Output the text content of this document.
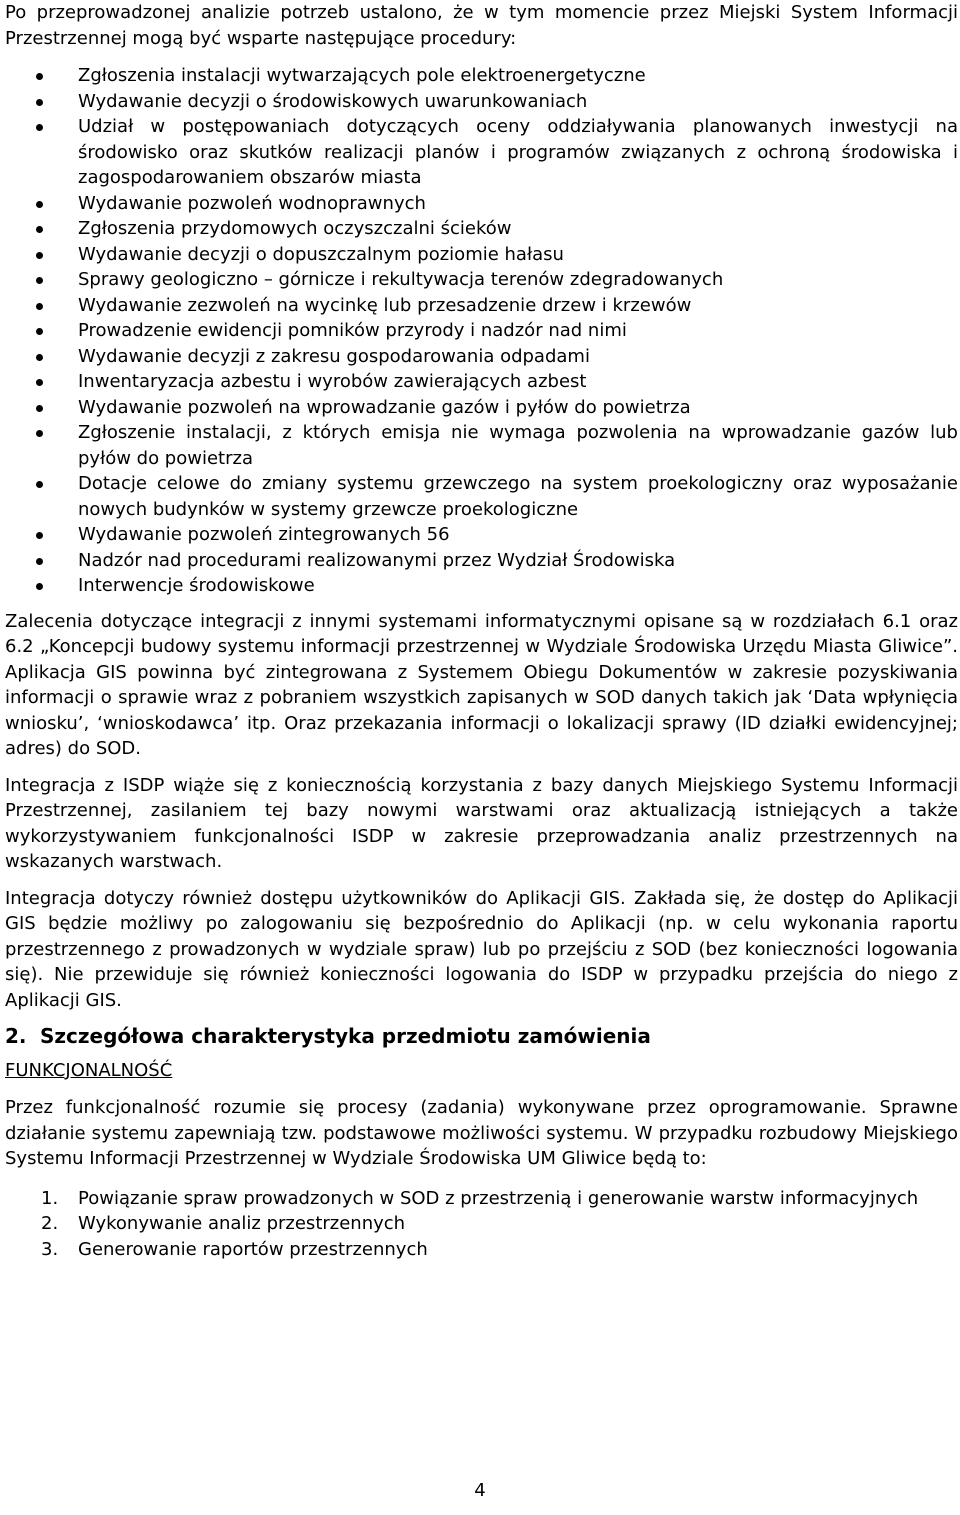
Po przeprowadzonej analizie potrzeb ustalono, że w tym momencie przez Miejski System Informacji Przestrzennej mogą być wsparte następujące procedury:

Zgłoszenia instalacji wytwarzających pole elektroenergetyczne
Wydawanie decyzji o środowiskowych uwarunkowaniach
Udział w postępowaniach dotyczących oceny oddziaływania planowanych inwestycji na środowisko oraz skutków realizacji planów i programów związanych z ochroną środowiska i zagospodarowaniem obszarów miasta
Wydawanie pozwoleń wodnoprawnych
Zgłoszenia przydomowych oczyszczalni ścieków
Wydawanie decyzji o dopuszczalnym poziomie hałasu
Sprawy geologiczno – górnicze i rekultywacja terenów zdegradowanych
Wydawanie zezwoleń na wycinkę lub przesadzenie drzew i krzewów
Prowadzenie ewidencji pomników przyrody i nadzór nad nimi
Wydawanie decyzji z zakresu gospodarowania odpadami
Inwentaryzacja azbestu i wyrobów zawierających azbest
Wydawanie pozwoleń na wprowadzanie gazów i pyłów do powietrza
Zgłoszenie instalacji, z których emisja nie wymaga pozwolenia na wprowadzanie gazów lub pyłów do powietrza
Dotacje celowe do zmiany systemu grzewczego na system proekologiczny oraz wyposażanie nowych budynków w systemy grzewcze proekologiczne
Wydawanie pozwoleń zintegrowanych 56
Nadzór nad procedurami realizowanymi przez Wydział Środowiska
Interwencje środowiskowe

Zalecenia dotyczące integracji z innymi systemami informatycznymi opisane są w rozdziałach 6.1 oraz 6.2 „Koncepcji budowy systemu informacji przestrzennej w Wydziale Środowiska Urzędu Miasta Gliwice”. Aplikacja GIS powinna być zintegrowana z Systemem Obiegu Dokumentów w zakresie pozyskiwania informacji o sprawie wraz z pobraniem wszystkich zapisanych w SOD danych takich jak ‘Data wpłynięcia wniosku’, ‘wnioskodawca’ itp. Oraz przekazania informacji o lokalizacji sprawy (ID działki ewidencyjnej; adres) do SOD.

Integracja z ISDP wiąże się z koniecznością korzystania z bazy danych Miejskiego Systemu Informacji Przestrzennej, zasilaniem tej bazy nowymi warstwami oraz aktualizacją istniejących a także wykorzystywaniem funkcjonalności ISDP w zakresie przeprowadzania analiz przestrzennych na wskazanych warstwach.

Integracja dotyczy również dostępu użytkowników do Aplikacji GIS. Zakłada się, że dostęp do Aplikacji GIS będzie możliwy po zalogowaniu się bezpośrednio do Aplikacji (np. w celu wykonania raportu przestrzennego z prowadzonych w wydziale spraw) lub po przejściu z SOD (bez konieczności logowania się). Nie przewiduje się również konieczności logowania do ISDP w przypadku przejścia do niego z Aplikacji GIS.

2. Szczegółowa charakterystyka przedmiotu zamówienia
FUNKCJONALNOŚĆ

Przez funkcjonalność rozumie się procesy (zadania) wykonywane przez oprogramowanie. Sprawne działanie systemu zapewniają tzw. podstawowe możliwości systemu. W przypadku rozbudowy Miejskiego Systemu Informacji Przestrzennej w Wydziale Środowiska UM Gliwice będą to:

1. Powiązanie spraw prowadzonych w SOD z przestrzenią i generowanie warstw informacyjnych
2. Wykonywanie analiz przestrzennych
3. Generowanie raportów przestrzennych
4
